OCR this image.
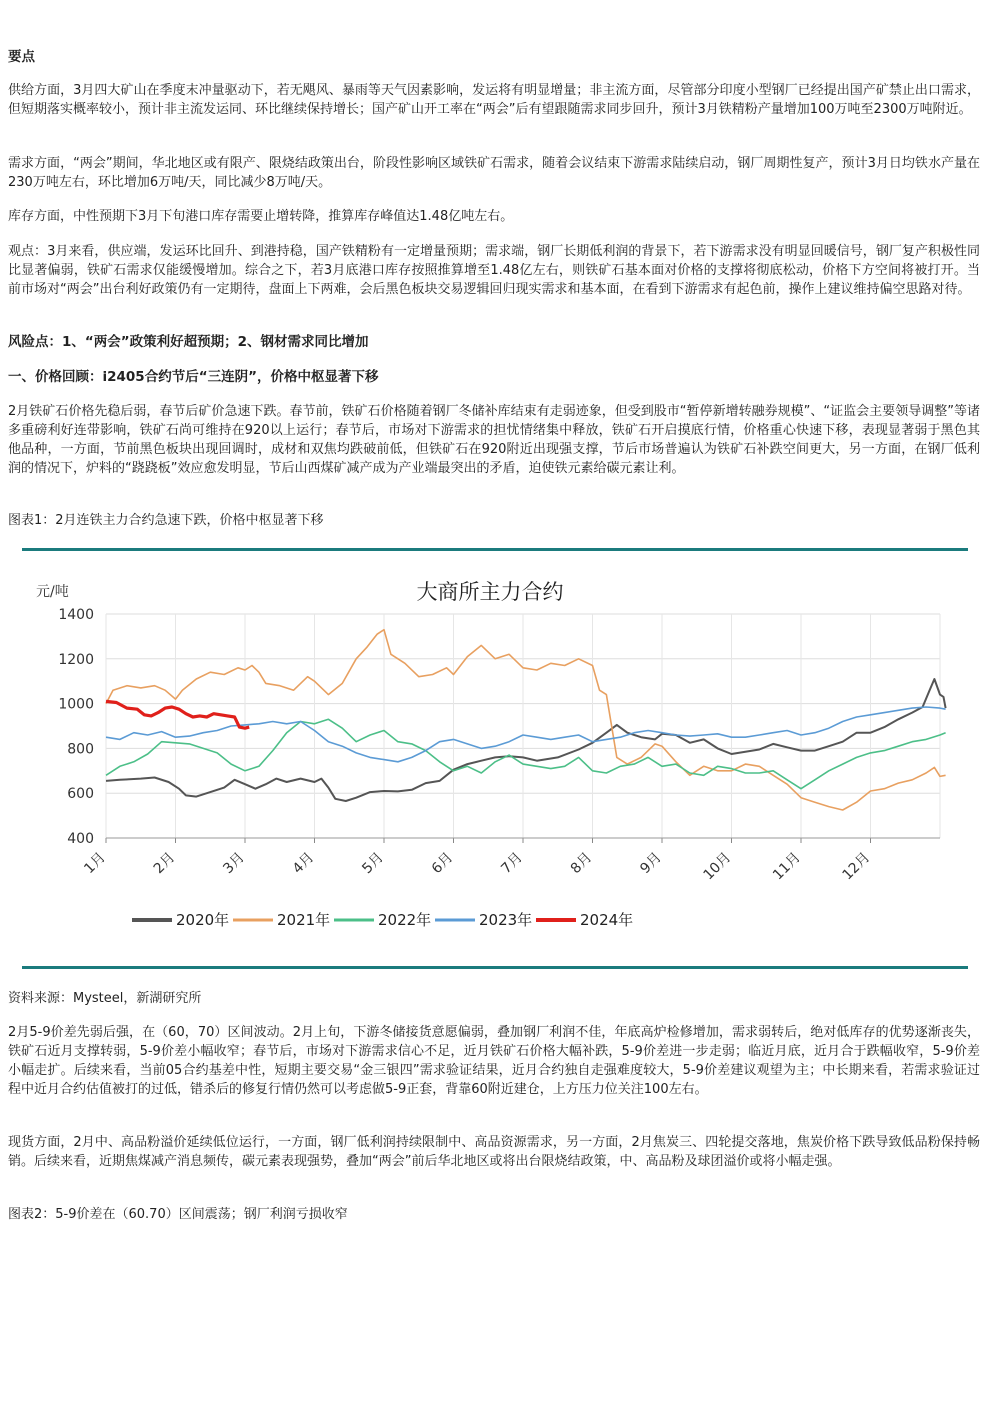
要点

供给方面，3月四大矿山在季度末冲量驱动下，若无飓风、暴雨等天气因素影响，发运将有明显增量；非主流方面，尽管部分印度小型钢厂已经提出国产矿禁止出口需求，但短期落实概率较小，预计非主流发运同、环比继续保持增长；国产矿山开工率在“两会”后有望跟随需求同步回升，预计3月铁精粉产量增加100万吨至2300万吨附近。

需求方面，“两会”期间，华北地区或有限产、限烧结政策出台，阶段性影响区域铁矿石需求，随着会议结束下游需求陆续启动，钢厂周期性复产，预计3月日均铁水产量在230万吨左右，环比增加6万吨/天，同比减少8万吨/天。

库存方面，中性预期下3月下旬港口库存需要止增转降，推算库存峰值达1.48亿吨左右。

观点：3月来看，供应端，发运环比回升、到港持稳，国产铁精粉有一定增量预期；需求端，钢厂长期低利润的背景下，若下游需求没有明显回暖信号，钢厂复产积极性同比显著偏弱，铁矿石需求仅能缓慢增加。综合之下，若3月底港口库存按照推算增至1.48亿左右，则铁矿石基本面对价格的支撑将彻底松动，价格下方空间将被打开。当前市场对“两会”出台利好政策仍有一定期待，盘面上下两难，会后黑色板块交易逻辑回归现实需求和基本面，在看到下游需求有起色前，操作上建议维持偏空思路对待。

风险点：1、“两会”政策利好超预期；2、钢材需求同比增加
一、价格回顾：i2405合约节后“三连阴”，价格中枢显著下移

2月铁矿石价格先稳后弱，春节后矿价急速下跌。春节前，铁矿石价格随着钢厂冬储补库结束有走弱迹象，但受到股市“暂停新增转融券规模”、“证监会主要领导调整”等诸多重磅利好连带影响，铁矿石尚可维持在920以上运行；春节后，市场对下游需求的担忧情绪集中释放，铁矿石开启摸底行情，价格重心快速下移，表现显著弱于黑色其他品种，一方面，节前黑色板块出现回调时，成材和双焦均跌破前低，但铁矿石在920附近出现强支撑，节后市场普遍认为铁矿石补跌空间更大，另一方面，在钢厂低利润的情况下，炉料的“跷跷板”效应愈发明显，节后山西煤矿减产成为产业端最突出的矛盾，迫使铁元素给碳元素让利。

图表1：2月连铁主力合约急速下跌，价格中枢显著下移
大商所主力合约
元/吨
400
600
800
1000
1200
1400
1月	2月	3月	4月	5月	6月	7月	8月	9月	10月	11月	12月
2020年	2021年	2022年	2023年	2024年
资料来源：Mysteel，新湖研究所

2月5-9价差先弱后强，在（60，70）区间波动。2月上旬，下游冬储接货意愿偏弱，叠加钢厂利润不佳，年底高炉检修增加，需求弱转后，绝对低库存的优势逐渐丧失，铁矿石近月支撑转弱，5-9价差小幅收窄；春节后，市场对下游需求信心不足，近月铁矿石价格大幅补跌，5-9价差进一步走弱；临近月底，近月合于跌幅收窄，5-9价差小幅走扩。后续来看，当前05合约基差中性，短期主要交易“金三银四”需求验证结果，近月合约独自走强难度较大，5-9价差建议观望为主；中长期来看，若需求验证过程中近月合约估值被打的过低，错杀后的修复行情仍然可以考虑做5-9正套，背靠60附近建仓，上方压力位关注100左右。

现货方面，2月中、高品粉溢价延续低位运行，一方面，钢厂低利润持续限制中、高品资源需求，另一方面，2月焦炭三、四轮提交落地，焦炭价格下跌导致低品粉保持畅销。后续来看，近期焦煤减产消息频传，碳元素表现强势，叠加“两会”前后华北地区或将出台限烧结政策，中、高品粉及球团溢价或将小幅走强。

图表2：5-9价差在（60.70）区间震荡；钢厂利润亏损收窄
